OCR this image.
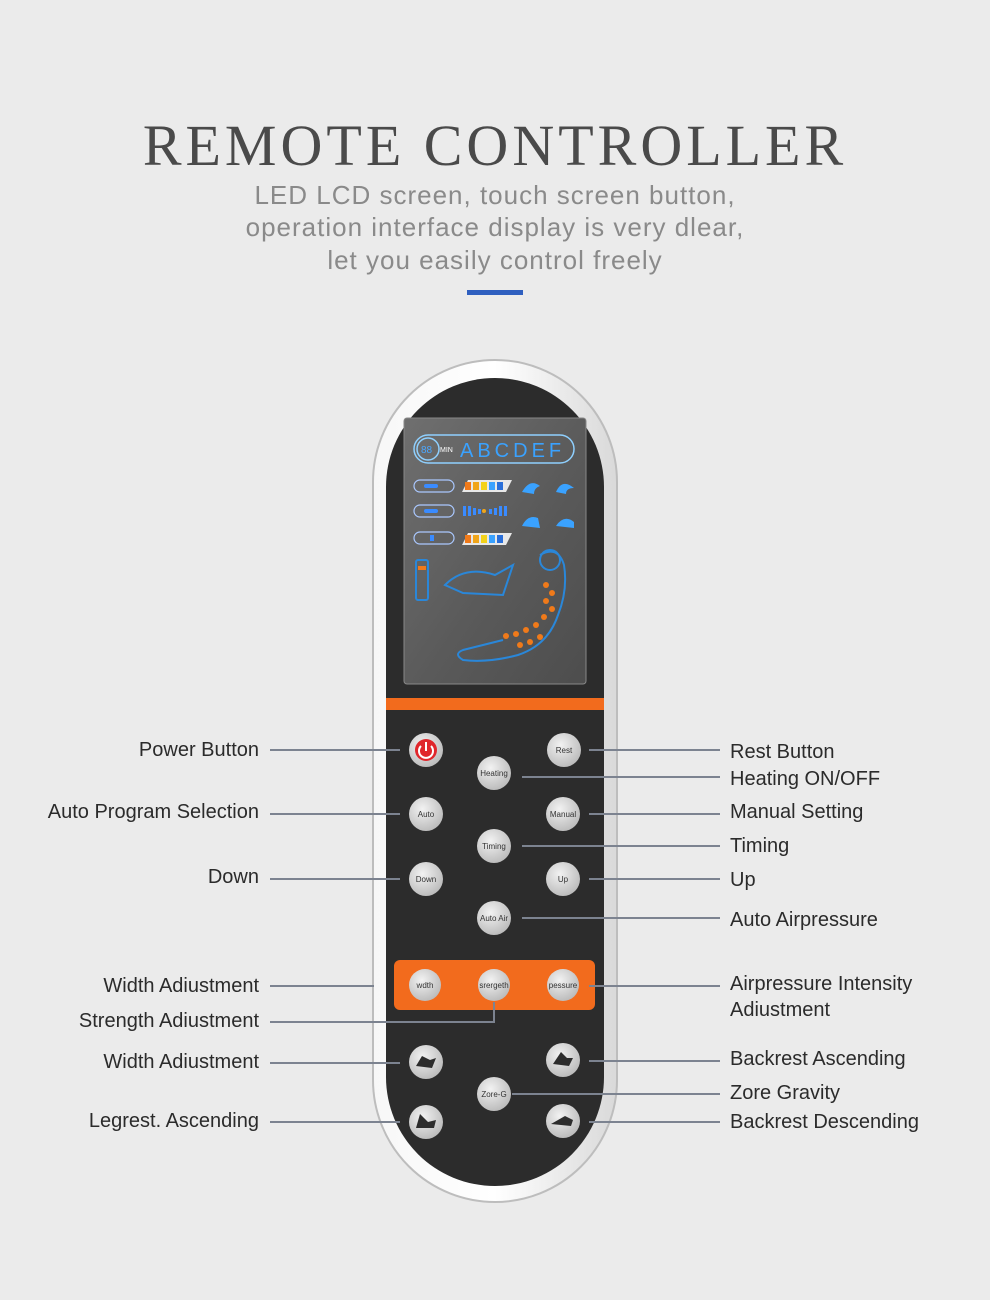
REMOTE CONTROLLER
LED LCD screen, touch screen button,
operation interface display is very dlear,
let you easily control freely
88 MIN ABCDEF
Rest
Heating
Auto	Manual
Timing
Down	Up
Auto Air
wdth	srergeth	pessure
Zore-G
Power Button
Auto Program Selection
Down
Width Adiustment
Strength Adiustment
Width Adiustment
Legrest. Ascending
Rest Button
Heating ON/OFF
Manual Setting
Timing
Up
Auto Airpressure
Airpressure Intensity
Adiustment
Backrest Ascending
Zore Gravity
Backrest Descending
